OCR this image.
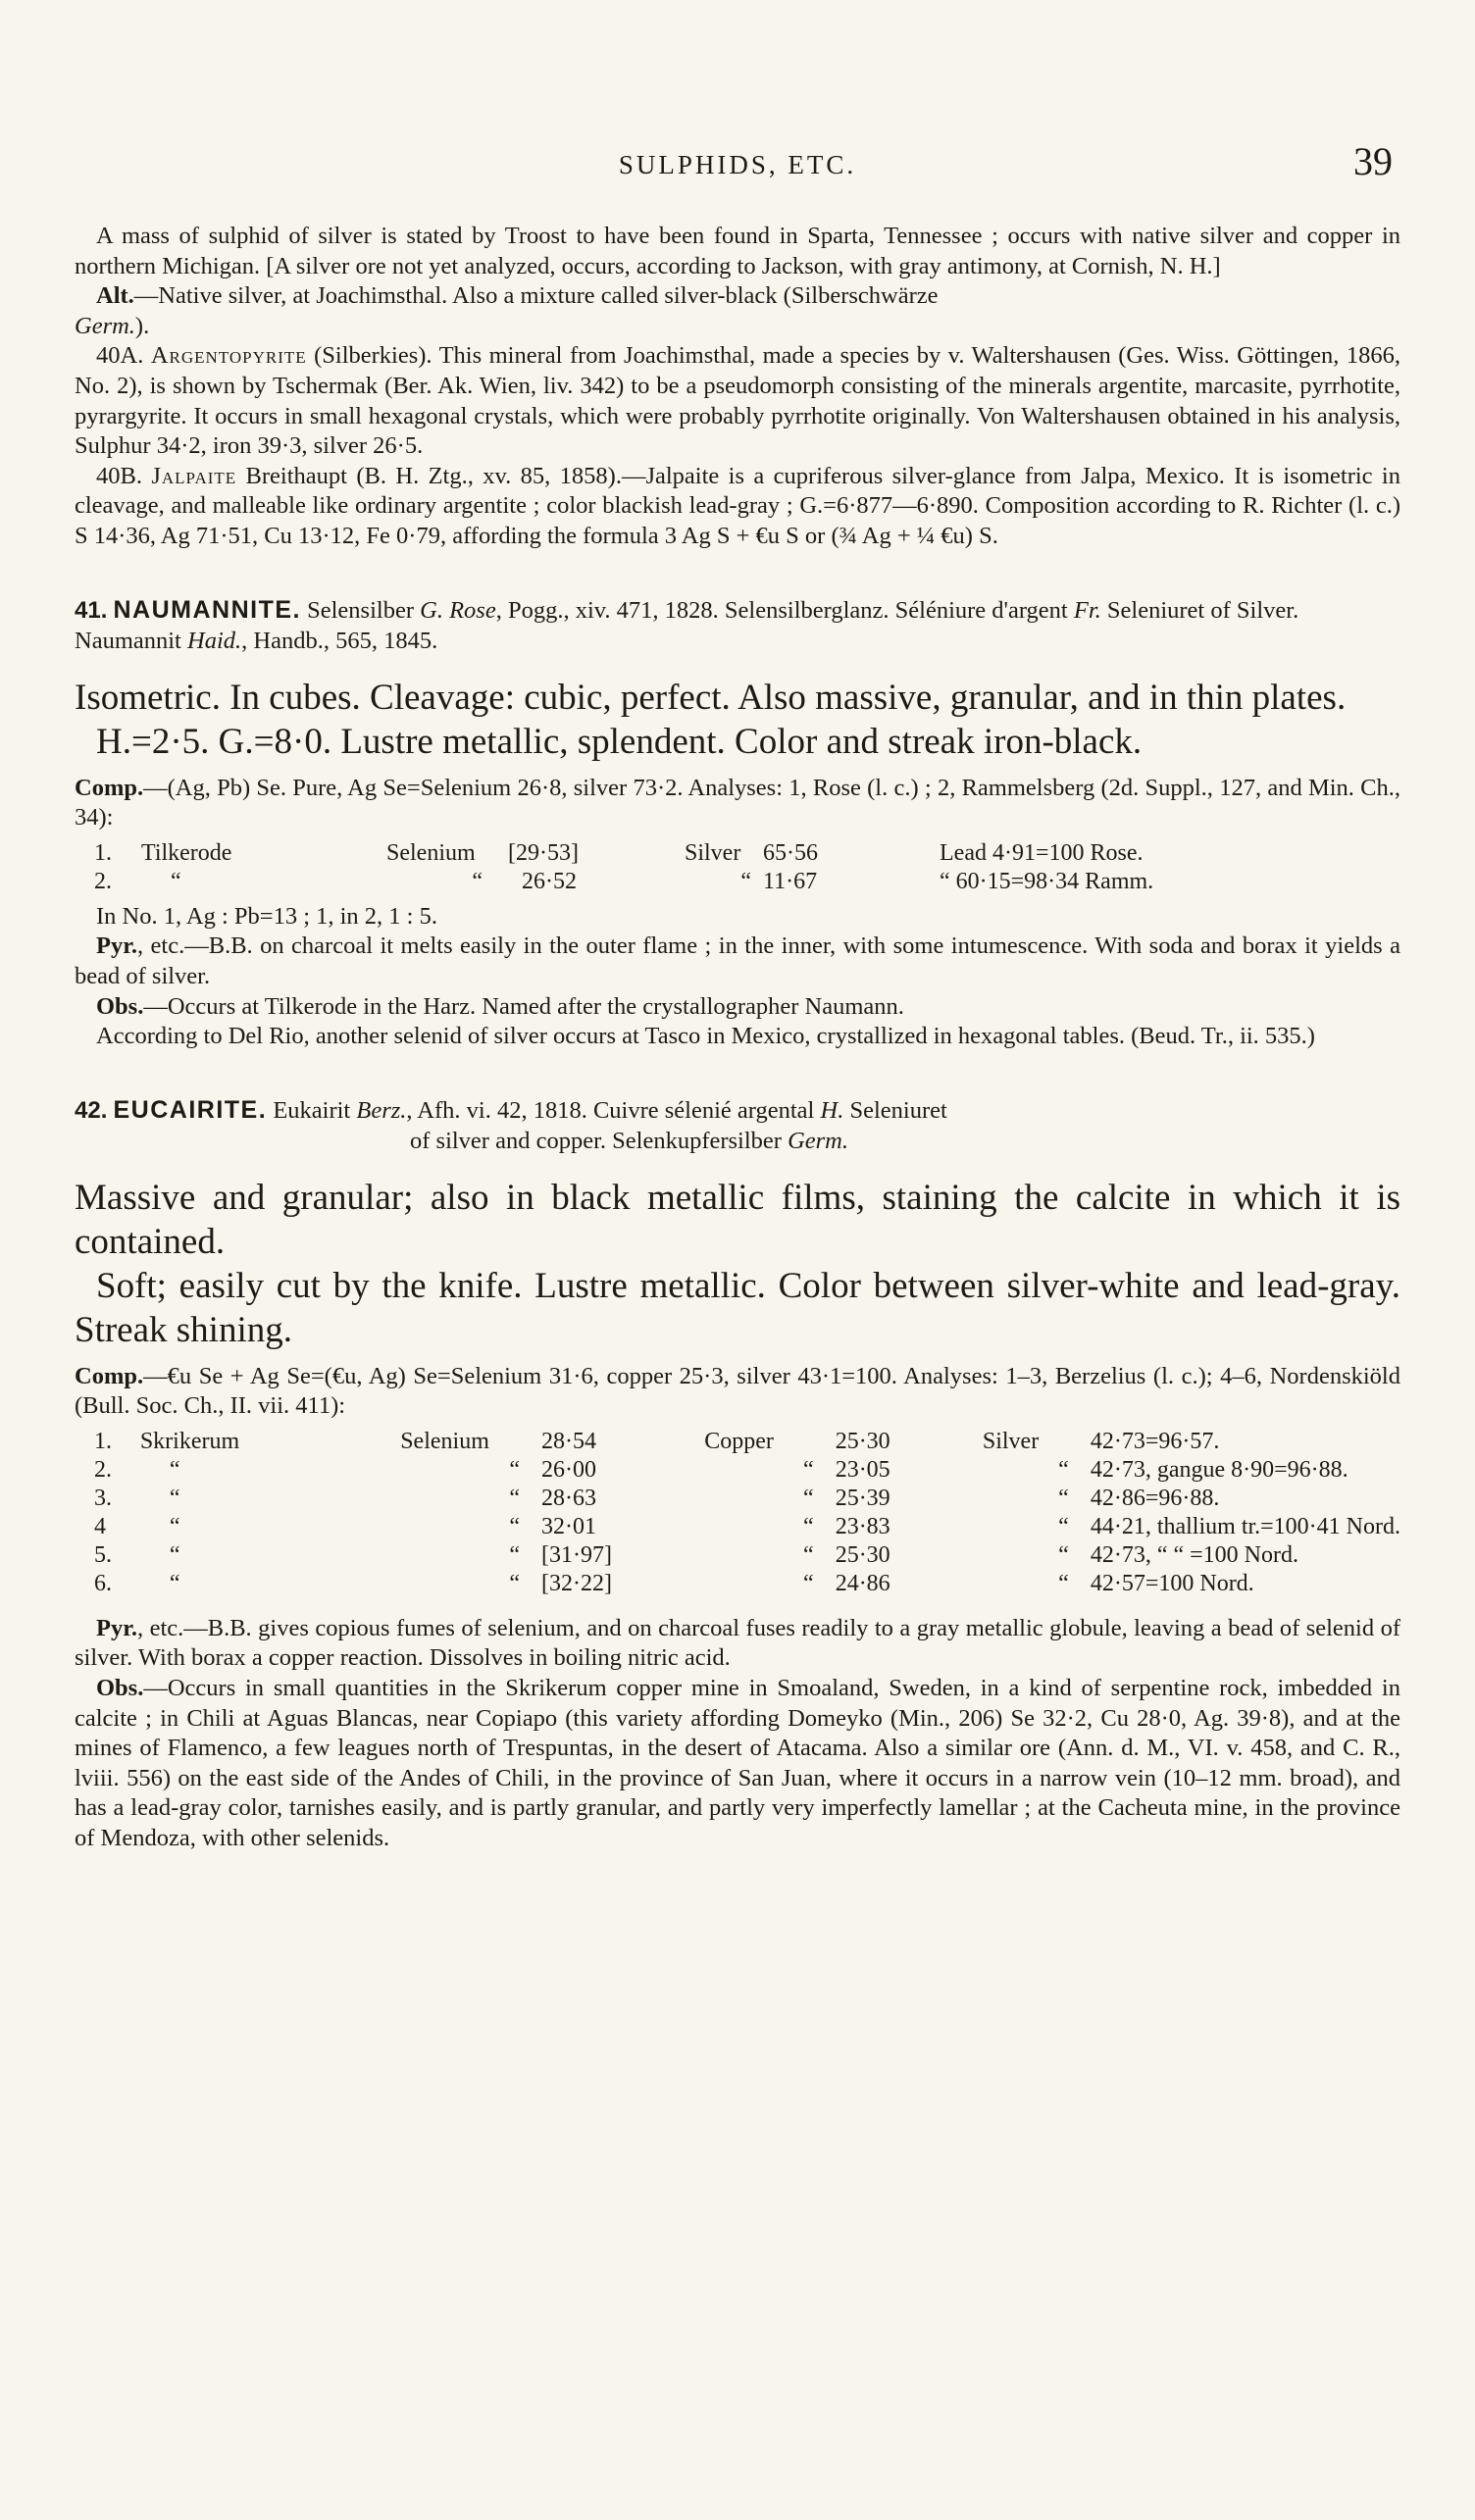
SULPHIDS, ETC.	39

A mass of sulphid of silver is stated by Troost to have been found in Sparta, Tennessee ; occurs with native silver and copper in northern Michigan. [A silver ore not yet analyzed, occurs, according to Jackson, with gray antimony, at Cornish, N. H.]

Alt.—Native silver, at Joachimsthal. Also a mixture called silver-black (Silberschwärze
Germ.).

40A. Argentopyrite (Silberkies). This mineral from Joachimsthal, made a species by v. Waltershausen (Ges. Wiss. Göttingen, 1866, No. 2), is shown by Tschermak (Ber. Ak. Wien, liv. 342) to be a pseudomorph consisting of the minerals argentite, marcasite, pyrrhotite, pyrargyrite. It occurs in small hexagonal crystals, which were probably pyrrhotite originally. Von Waltershausen obtained in his analysis, Sulphur 34·2, iron 39·3, silver 26·5.

40B. Jalpaite Breithaupt (B. H. Ztg., xv. 85, 1858).—Jalpaite is a cupriferous silver-glance from Jalpa, Mexico. It is isometric in cleavage, and malleable like ordinary argentite ; color blackish lead-gray ; G.=6·877—6·890. Composition according to R. Richter (l. c.) S 14·36, Ag 71·51, Cu 13·12, Fe 0·79, affording the formula 3 Ag S + €u S or (¾ Ag + ¼ €u) S.

41. NAUMANNITE. Selensilber G. Rose, Pogg., xiv. 471, 1828. Selensilberglanz. Séléniure d'argent Fr. Seleniuret of Silver. Naumannit Haid., Handb., 565, 1845.

Isometric. In cubes. Cleavage: cubic, perfect. Also massive, granular, and in thin plates.

H.=2·5. G.=8·0. Lustre metallic, splendent. Color and streak iron-black.

Comp.—(Ag, Pb) Se. Pure, Ag Se=Selenium 26·8, silver 73·2. Analyses: 1, Rose (l. c.) ; 2, Rammelsberg (2d. Suppl., 127, and Min. Ch., 34):

1.	Tilkerode	Selenium	[29·53]	Silver	65·56	Lead 4·91=100 Rose.
2.	“	“	26·52	“	11·67	“ 60·15=98·34 Ramm.

In No. 1, Ag : Pb=13 ; 1, in 2, 1 : 5.

Pyr., etc.—B.B. on charcoal it melts easily in the outer flame ; in the inner, with some intumescence. With soda and borax it yields a bead of silver.

Obs.—Occurs at Tilkerode in the Harz. Named after the crystallographer Naumann.

According to Del Rio, another selenid of silver occurs at Tasco in Mexico, crystallized in hexagonal tables. (Beud. Tr., ii. 535.)

42. EUCAIRITE. Eukairit Berz., Afh. vi. 42, 1818. Cuivre sélenié argental H. Seleniuret
of silver and copper. Selenkupfersilber Germ.

Massive and granular; also in black metallic films, staining the calcite in which it is contained.

Soft; easily cut by the knife. Lustre metallic. Color between silver-white and lead-gray. Streak shining.

Comp.—€u Se + Ag Se=(€u, Ag) Se=Selenium 31·6, copper 25·3, silver 43·1=100. Analyses: 1–3, Berzelius (l. c.); 4–6, Nordenskiöld (Bull. Soc. Ch., II. vii. 411):

1.	Skrikerum	Selenium	28·54	Copper	25·30	Silver	42·73=96·57.
2.	“	“	26·00	“	23·05	“	42·73, gangue 8·90=96·88.
3.	“	“	28·63	“	25·39	“	42·86=96·88.
4	“	“	32·01	“	23·83	“	44·21, thallium tr.=100·41 Nord.
5.	“	“	[31·97]	“	25·30	“	42·73, “ “ =100 Nord.
6.	“	“	[32·22]	“	24·86	“	42·57=100 Nord.

Pyr., etc.—B.B. gives copious fumes of selenium, and on charcoal fuses readily to a gray metallic globule, leaving a bead of selenid of silver. With borax a copper reaction. Dissolves in boiling nitric acid.

Obs.—Occurs in small quantities in the Skrikerum copper mine in Smoaland, Sweden, in a kind of serpentine rock, imbedded in calcite ; in Chili at Aguas Blancas, near Copiapo (this variety affording Domeyko (Min., 206) Se 32·2, Cu 28·0, Ag. 39·8), and at the mines of Flamenco, a few leagues north of Trespuntas, in the desert of Atacama. Also a similar ore (Ann. d. M., VI. v. 458, and C. R., lviii. 556) on the east side of the Andes of Chili, in the province of San Juan, where it occurs in a narrow vein (10–12 mm. broad), and has a lead-gray color, tarnishes easily, and is partly granular, and partly very imperfectly lamellar ; at the Cacheuta mine, in the province of Mendoza, with other selenids.
